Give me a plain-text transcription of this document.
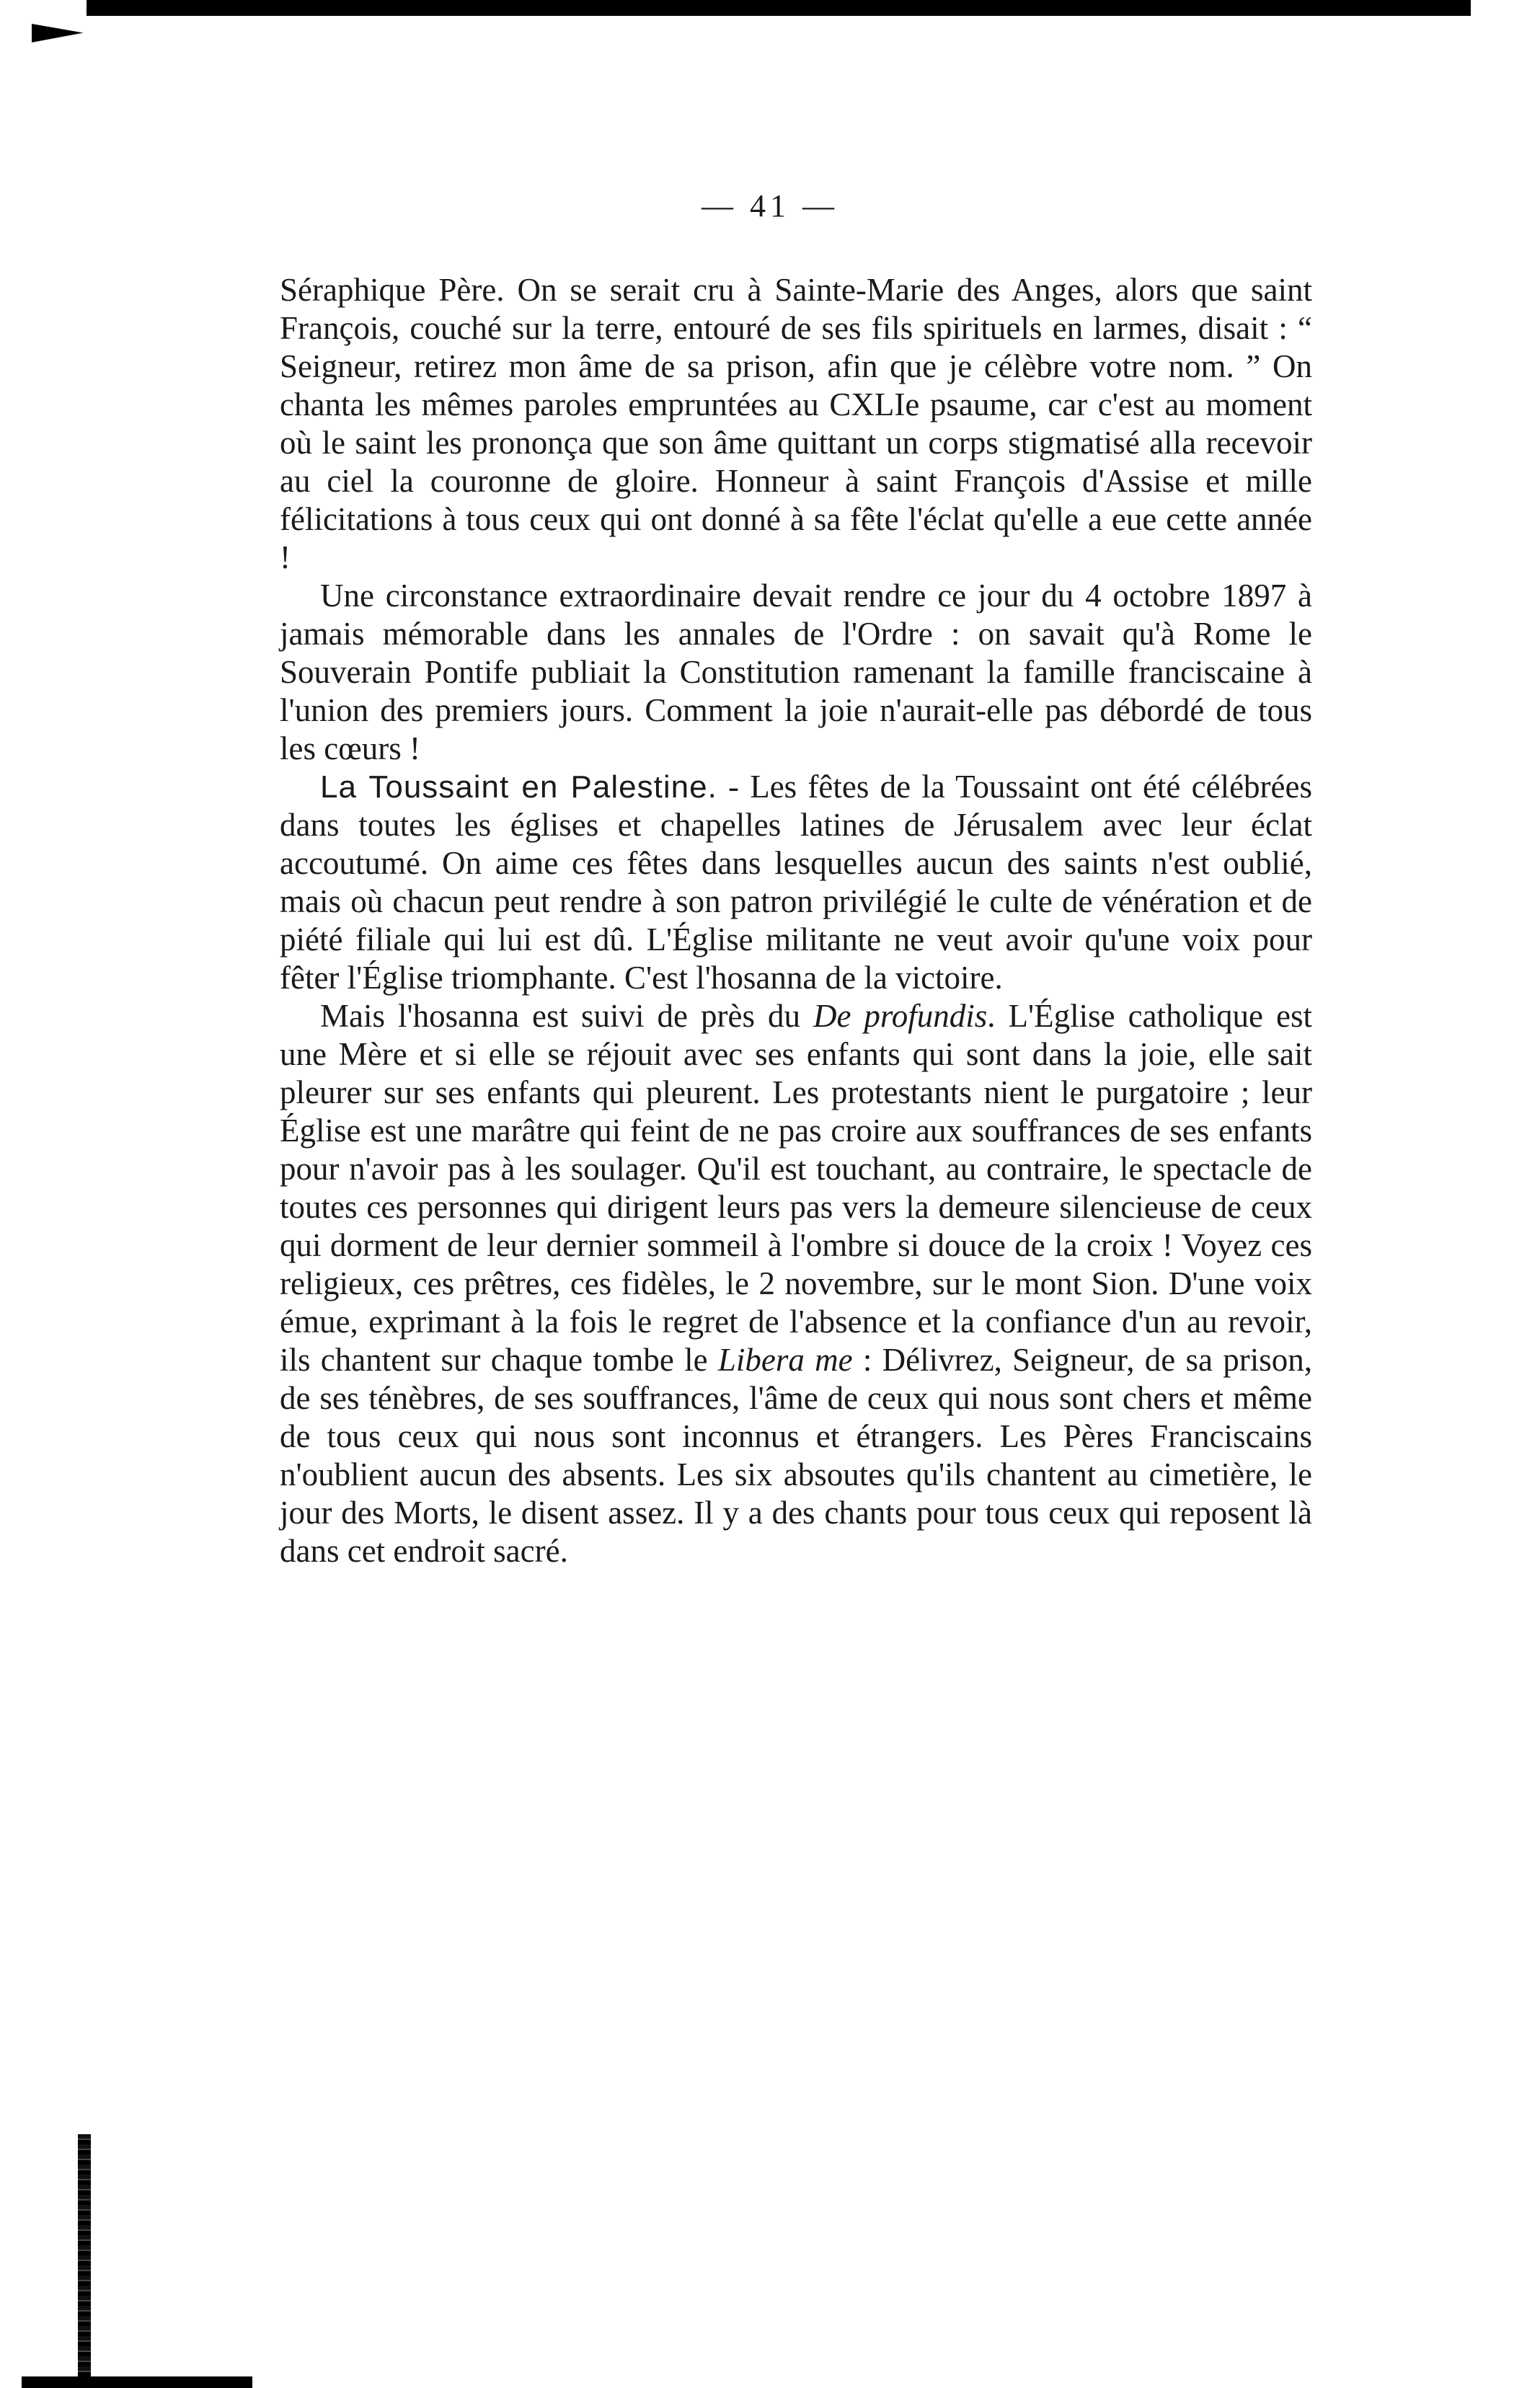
— 41 —

Séraphique Père. On se serait cru à Sainte-Marie des Anges, alors que saint François, couché sur la terre, entouré de ses fils spirituels en larmes, disait : “ Seigneur, retirez mon âme de sa prison, afin que je célèbre votre nom. ” On chanta les mêmes paroles empruntées au CXLIe psaume, car c'est au moment où le saint les prononça que son âme quittant un corps stigmatisé alla recevoir au ciel la couronne de gloire. Honneur à saint François d'Assise et mille félicitations à tous ceux qui ont donné à sa fête l'éclat qu'elle a eue cette année !

Une circonstance extraordinaire devait rendre ce jour du 4 octobre 1897 à jamais mémorable dans les annales de l'Ordre : on savait qu'à Rome le Souverain Pontife publiait la Constitution ramenant la famille franciscaine à l'union des premiers jours. Comment la joie n'aurait-elle pas débordé de tous les cœurs !

La Toussaint en Palestine. - Les fêtes de la Toussaint ont été célébrées dans toutes les églises et chapelles latines de Jérusalem avec leur éclat accoutumé. On aime ces fêtes dans lesquelles aucun des saints n'est oublié, mais où chacun peut rendre à son patron privilégié le culte de vénération et de piété filiale qui lui est dû. L'Église militante ne veut avoir qu'une voix pour fêter l'Église triomphante. C'est l'hosanna de la victoire.

Mais l'hosanna est suivi de près du De profundis. L'Église catholique est une Mère et si elle se réjouit avec ses enfants qui sont dans la joie, elle sait pleurer sur ses enfants qui pleurent. Les protestants nient le purgatoire ; leur Église est une marâtre qui feint de ne pas croire aux souffrances de ses enfants pour n'avoir pas à les soulager. Qu'il est touchant, au contraire, le spectacle de toutes ces personnes qui dirigent leurs pas vers la demeure silencieuse de ceux qui dorment de leur dernier sommeil à l'ombre si douce de la croix ! Voyez ces religieux, ces prêtres, ces fidèles, le 2 novembre, sur le mont Sion. D'une voix émue, exprimant à la fois le regret de l'absence et la confiance d'un au revoir, ils chantent sur chaque tombe le Libera me : Délivrez, Seigneur, de sa prison, de ses ténèbres, de ses souffrances, l'âme de ceux qui nous sont chers et même de tous ceux qui nous sont inconnus et étrangers. Les Pères Franciscains n'oublient aucun des absents. Les six absoutes qu'ils chantent au cimetière, le jour des Morts, le disent assez. Il y a des chants pour tous ceux qui reposent là dans cet endroit sacré.
